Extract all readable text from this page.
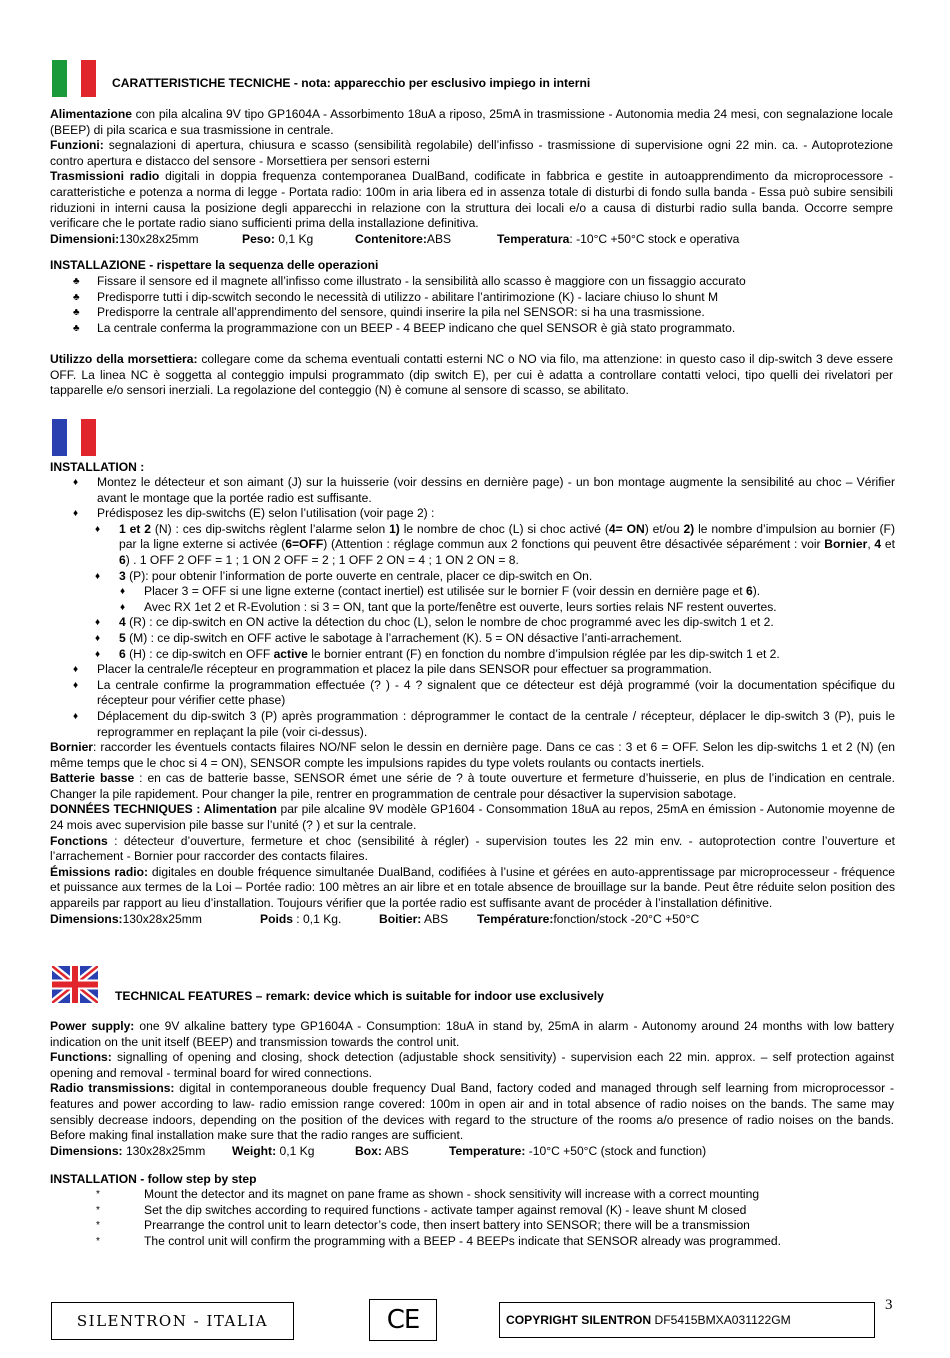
CARATTERISTICHE TECNICHE - nota: apparecchio per esclusivo impiego in interni
Alimentazione con pila alcalina 9V tipo GP1604A - Assorbimento 18uA a riposo, 25mA in trasmissione - Autonomia media 24 mesi, con segnalazione locale (BEEP) di pila scarica e sua trasmissione in centrale.
Funzioni: segnalazioni di apertura, chiusura e scasso (sensibilità regolabile) dell’infisso - trasmissione di supervisione ogni 22 min. ca. - Autoprotezione contro apertura e distacco del sensore - Morsettiera per sensori esterni
Trasmissioni radio digitali in doppia frequenza contemporanea DualBand, codificate in fabbrica e gestite in autoapprendimento da microprocessore - caratteristiche e potenza a norma di legge - Portata radio: 100m in aria libera ed in assenza totale di disturbi di fondo sulla banda - Essa può subire sensibili riduzioni in interni causa la posizione degli apparecchi in relazione con la struttura dei locali e/o a causa di disturbi radio sulla banda. Occorre sempre verificare che le portate radio siano sufficienti prima della installazione definitiva.
Dimensioni:130x28x25mm	Peso: 0,1 Kg	Contenitore:ABS	Temperatura: -10°C +50°C stock e operativa
INSTALLAZIONE - rispettare la sequenza delle operazioni
♣ Fissare il sensore ed il magnete all’infisso come illustrato - la sensibilità allo scasso è maggiore con un fissaggio accurato
♣ Predisporre tutti i dip-scwitch secondo le necessità di utilizzo - abilitare l’antirimozione (K) - laciare chiuso lo shunt M
♣ Predisporre la centrale all’apprendimento del sensore, quindi inserire la pila nel SENSOR: si ha una trasmissione.
♣ La centrale conferma la programmazione con un BEEP - 4 BEEP indicano che quel SENSOR è già stato programmato.
Utilizzo della morsettiera: collegare come da schema eventuali contatti esterni NC o NO via filo, ma attenzione: in questo caso il dip-switch 3 deve essere OFF. La linea NC è soggetta al conteggio impulsi programmato (dip switch E), per cui è adatta a controllare contatti veloci, tipo quelli dei rivelatori per tapparelle e/o sensori inerziali. La regolazione del conteggio (N) è comune al sensore di scasso, se abilitato.
INSTALLATION :
♦ Montez le détecteur et son aimant (J) sur la huisserie (voir dessins en dernière page) - un bon montage augmente la sensibilité au choc – Vérifier avant le montage que la portée radio est suffisante.
♦ Prédisposez les dip-switchs (E) selon l’utilisation (voir page 2) :
♦ 1 et 2 (N) : ces dip-switchs règlent l’alarme selon 1) le nombre de choc (L) si choc activé (4= ON) et/ou 2) le nombre d’impulsion au bornier (F) par la ligne externe si activée (6=OFF) (Attention : réglage commun aux 2 fonctions qui peuvent être désactivée séparément : voir Bornier, 4 et 6) . 1 OFF 2 OFF = 1 ; 1 ON 2 OFF = 2 ; 1 OFF 2 ON = 4 ; 1 ON 2 ON = 8.
♦ 3 (P): pour obtenir l’information de porte ouverte en centrale, placer ce dip-switch en On.
♦ Placer 3 = OFF si une ligne externe (contact inertiel) est utilisée sur le bornier F (voir dessin en dernière page et 6).
♦ Avec RX 1et 2 et R-Evolution : si 3 = ON, tant que la porte/fenêtre est ouverte, leurs sorties relais NF restent ouvertes.
♦ 4 (R) : ce dip-switch en ON active la détection du choc (L), selon le nombre de choc programmé avec les dip-switch 1 et 2.
♦ 5 (M) : ce dip-switch en OFF active le sabotage à l’arrachement (K). 5 = ON désactive l’anti-arrachement.
♦ 6 (H) : ce dip-switch en OFF active le bornier entrant (F) en fonction du nombre d’impulsion réglée par les dip-switch 1 et 2.
♦ Placer la centrale/le récepteur en programmation et placez la pile dans SENSOR pour effectuer sa programmation.
♦ La centrale confirme la programmation effectuée (? ) - 4 ? signalent que ce détecteur est déjà programmé (voir la documentation spécifique du récepteur pour vérifier cette phase)
♦ Déplacement du dip-switch 3 (P) après programmation : déprogrammer le contact de la centrale / récepteur, déplacer le dip-switch 3 (P), puis le reprogrammer en replaçant la pile (voir ci-dessus).
Bornier: raccorder les éventuels contacts filaires NO/NF selon le dessin en dernière page. Dans ce cas : 3 et 6 = OFF. Selon les dip-switchs 1 et 2 (N) (en même temps que le choc si 4 = ON), SENSOR compte les impulsions rapides du type volets roulants ou contacts inertiels.
Batterie basse : en cas de batterie basse, SENSOR émet une série de ? à toute ouverture et fermeture d’huisserie, en plus de l’indication en centrale. Changer la pile rapidement. Pour changer la pile, rentrer en programmation de centrale pour désactiver la supervision sabotage.
DONNÉES TECHNIQUES : Alimentation par pile alcaline 9V modèle GP1604 - Consommation 18uA au repos, 25mA en émission - Autonomie moyenne de 24 mois avec supervision pile basse sur l’unité (? ) et sur la centrale.
Fonctions : détecteur d’ouverture, fermeture et choc (sensibilité à régler) - supervision toutes les 22 min env. - autoprotection contre l’ouverture et l’arrachement - Bornier pour raccorder des contacts filaires.
Émissions radio: digitales en double fréquence simultanée DualBand, codifiées à l’usine et gérées en auto-apprentissage par microprocesseur - fréquence et puissance aux termes de la Loi – Portée radio: 100 mètres an air libre et en totale absence de brouillage sur la bande. Peut être réduite selon position des appareils par rapport au lieu d’installation. Toujours vérifier que la portée radio est suffisante avant de procéder à l’installation définitive.
Dimensions:130x28x25mm	Poids : 0,1 Kg.	Boitier: ABS	Température:fonction/stock -20°C +50°C
TECHNICAL FEATURES – remark: device which is suitable for indoor use exclusively
Power supply: one 9V alkaline battery type GP1604A - Consumption: 18uA in stand by, 25mA in alarm - Autonomy around 24 months with low battery indication on the unit itself (BEEP) and transmission towards the control unit.
Functions: signalling of opening and closing, shock detection (adjustable shock sensitivity) - supervision each 22 min. approx. – self protection against opening and removal - terminal board for wired connections.
Radio transmissions: digital in contemporaneous double frequency Dual Band, factory coded and managed through self learning from microprocessor - features and power according to law- radio emission range covered: 100m in open air and in total absence of radio noises on the bands. The same may sensibly decrease indoors, depending on the position of the devices with regard to the structure of the rooms a/o presence of radio noises on the bands. Before making final installation make sure that the radio ranges are sufficient.
Dimensions: 130x28x25mm	Weight: 0,1 Kg	Box: ABS	Temperature: -10°C +50°C (stock and function)
INSTALLATION - follow step by step
*	Mount the detector and its magnet on pane frame as shown - shock sensitivity will increase with a correct mounting
*	Set the dip switches according to required functions - activate tamper against removal (K) - leave shunt M closed
*	Prearrange the control unit to learn detector’s code, then insert battery into SENSOR; there will be a transmission
*	The control unit will confirm the programming with a BEEP - 4 BEEPs indicate that SENSOR already was programmed.
SILENTRON - ITALIA	CE	COPYRIGHT SILENTRON DF5415BMXA031122GM
3
